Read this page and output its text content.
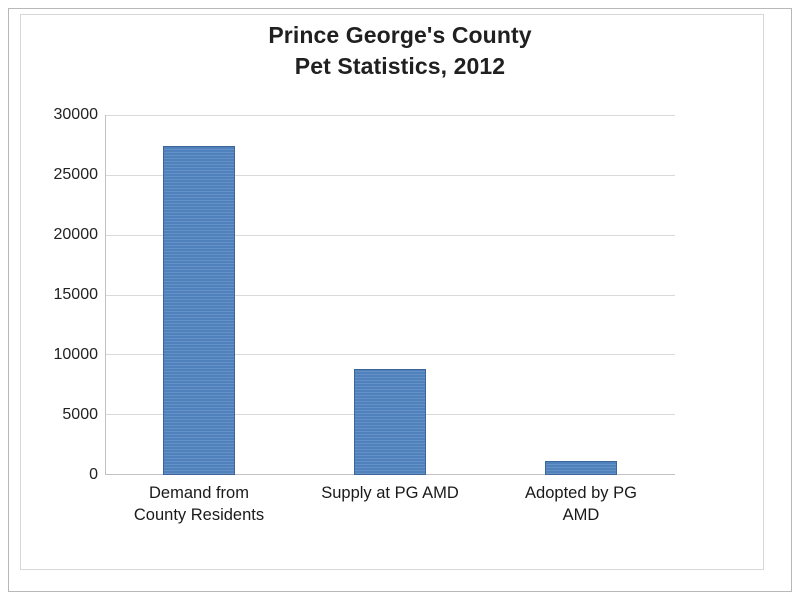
Prince George's County
Pet Statistics, 2012
30000
25000
20000
15000
10000
5000
0
Demand from
County Residents
Supply at PG AMD	Adopted by PG
AMD
